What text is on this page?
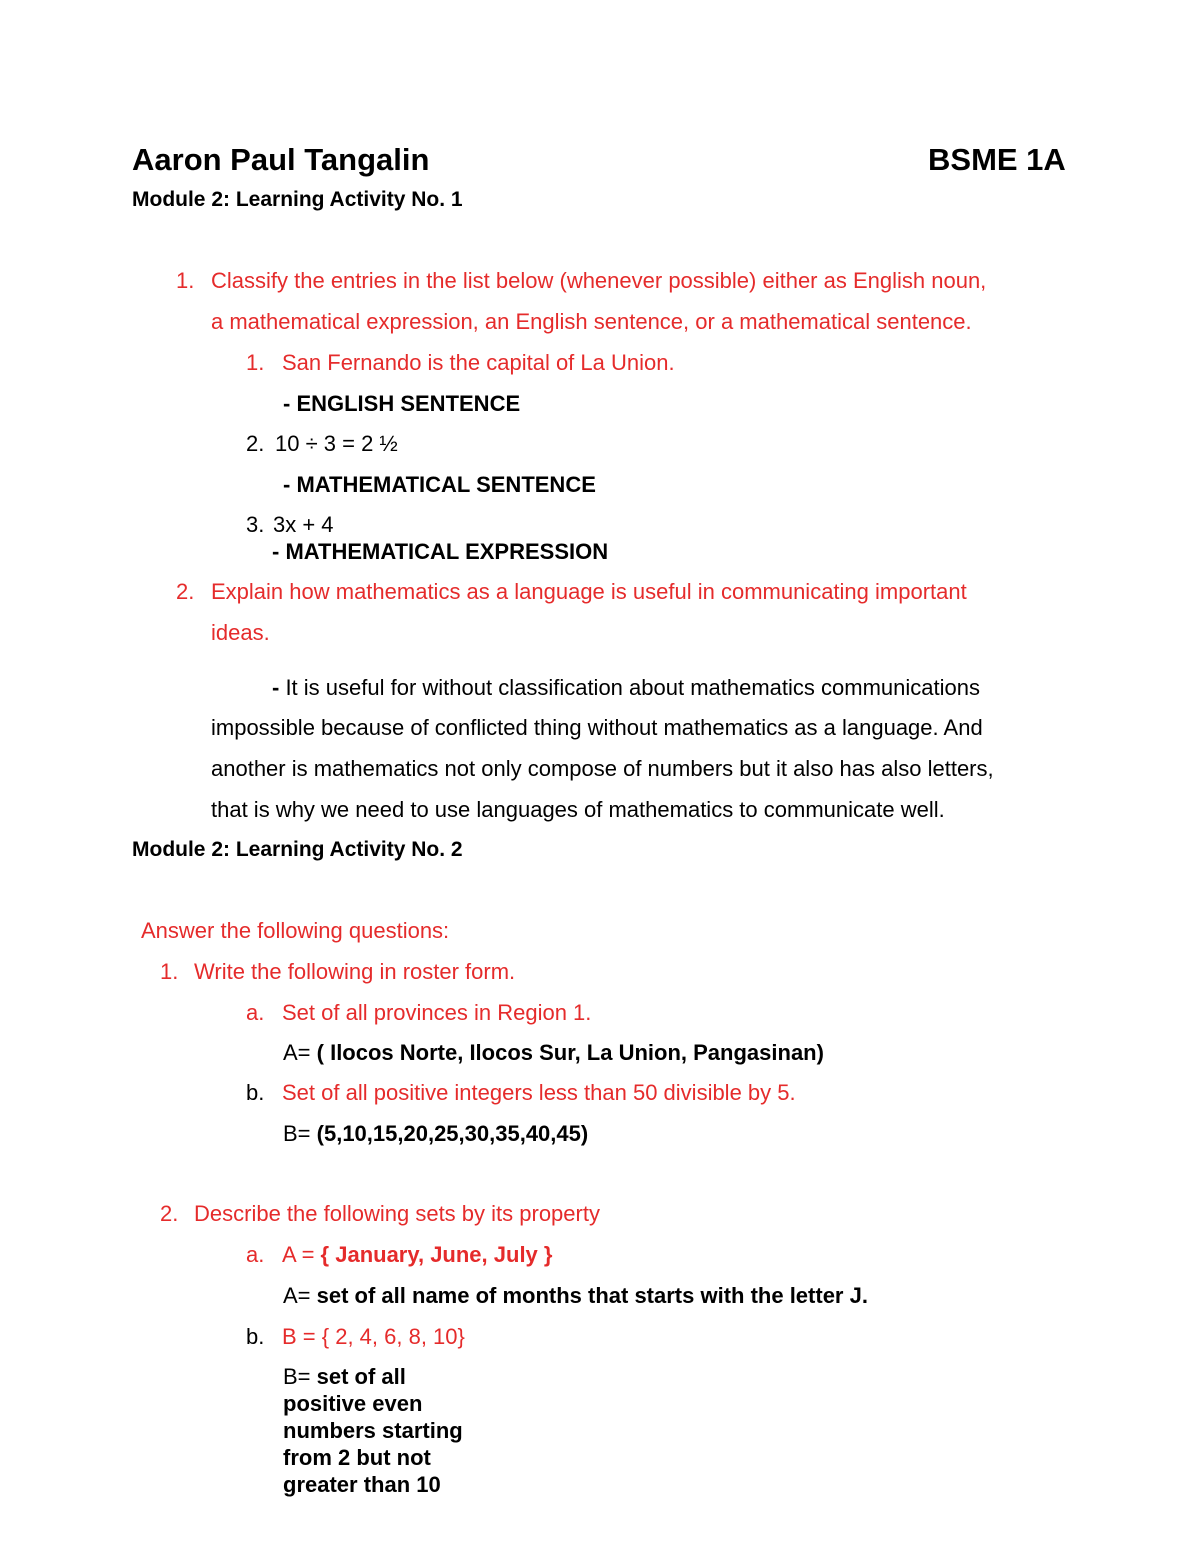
Aaron Paul Tangalin	BSME 1A
Module 2: Learning Activity No. 1
1. Classify the entries in the list below (whenever possible) either as English noun,
a mathematical expression, an English sentence, or a mathematical sentence.
1. San Fernando is the capital of La Union.
- ENGLISH SENTENCE
2. 10 ÷ 3 = 2 ½
- MATHEMATICAL SENTENCE
3. 3x + 4
- MATHEMATICAL EXPRESSION
2. Explain how mathematics as a language is useful in communicating important
ideas.
- It is useful for without classification about mathematics communications
impossible because of conflicted thing without mathematics as a language. And
another is mathematics not only compose of numbers but it also has also letters,
that is why we need to use languages of mathematics to communicate well.
Module 2: Learning Activity No. 2
Answer the following questions:
1. Write the following in roster form.
a. Set of all provinces in Region 1.
A= ( Ilocos Norte, Ilocos Sur, La Union, Pangasinan)
b. Set of all positive integers less than 50 divisible by 5.
B= (5,10,15,20,25,30,35,40,45)
2. Describe the following sets by its property
a. A = { January, June, July }
A= set of all name of months that starts with the letter J.
b. B = { 2, 4, 6, 8, 10}
B= set of all
positive even
numbers starting
from 2 but not
greater than 10
